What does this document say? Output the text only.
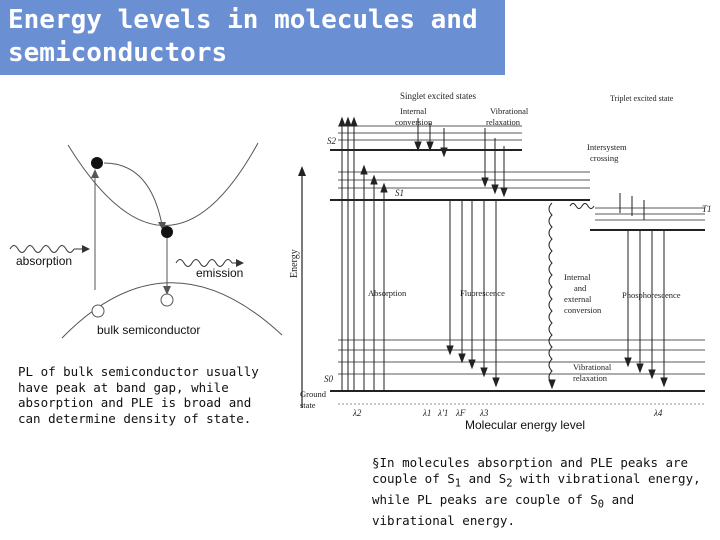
Energy levels in molecules and
semiconductors
absorption
emission
bulk semiconductor
PL of bulk semiconductor usually have peak at band gap, while absorption and PLE is broad and can determine density of state.
Energy
Singlet excited states	Triplet excited state
Internal conversion
Vibrational relaxation
Intersystem crossing
Absorption	Fluorescence
Internal and external conversion
Phosphorescence
Vibrational relaxation
Ground state
S2
S1
S0
T1
λ2	λ1 λ'1 λF λ3	λ4
Molecular energy level
§In molecules absorption and PLE peaks are couple of $S_1$ and $S_2$ with vibrational energy, while PL peaks are couple of $S_0$ and vibrational energy.
